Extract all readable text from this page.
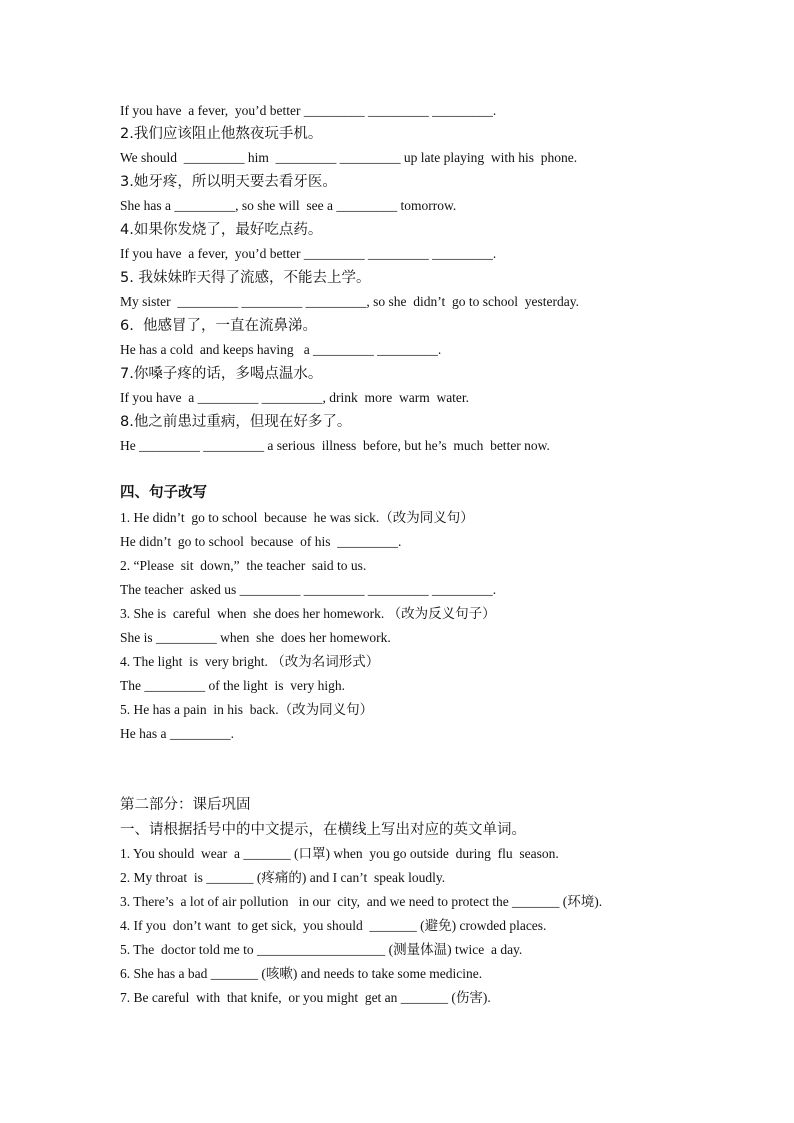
If you have  a fever,  you’d better _________ _________ _________.
2.我们应该阻止他熬夜玩手机。
We should  _________ him  _________ _________ up late playing  with his  phone.
3.她牙疼，所以明天要去看牙医。
She has a _________, so she will  see a _________ tomorrow.
4.如果你发烧了，最好吃点药。
If you have  a fever,  you’d better _________ _________ _________.
5. 我妹妹昨天得了流感，不能去上学。
My sister  _________ _________ _________, so she  didn’t  go to school  yesterday.
6.  他感冒了，一直在流鼻涕。
He has a cold  and keeps having   a _________ _________.
7.你嗓子疼的话，多喝点温水。
If you have  a _________ _________, drink  more  warm  water.
8.他之前患过重病，但现在好多了。
He _________ _________ a serious  illness  before, but he’s  much  better now.
四、句子改写
1. He didn’t  go to school  because  he was sick.（改为同义句）
He didn’t  go to school  because  of his  _________.
2. “Please  sit  down,”  the teacher  said to us.
The teacher  asked us _________ _________ _________ _________.
3. She is  careful  when  she does her homework. （改为反义句子）
She is _________ when  she  does her homework.
4. The light  is  very bright. （改为名词形式）
The _________ of the light  is  very high.
5. He has a pain  in his  back.（改为同义句）
He has a _________.
第二部分：课后巩固
一、请根据括号中的中文提示，在横线上写出对应的英文单词。
1. You should  wear  a _______ (口罩) when  you go outside  during  flu  season.
2. My throat  is _______ (疼痛的) and I can’t  speak loudly.
3. There’s  a lot of air pollution   in our  city,  and we need to protect the _______ (环境).
4. If you  don’t want  to get sick,  you should  _______ (避免) crowded places.
5. The  doctor told me to ___________________ (测量体温) twice  a day.
6. She has a bad _______ (咳嗽) and needs to take some medicine.
7. Be careful  with  that knife,  or you might  get an _______ (伤害).
